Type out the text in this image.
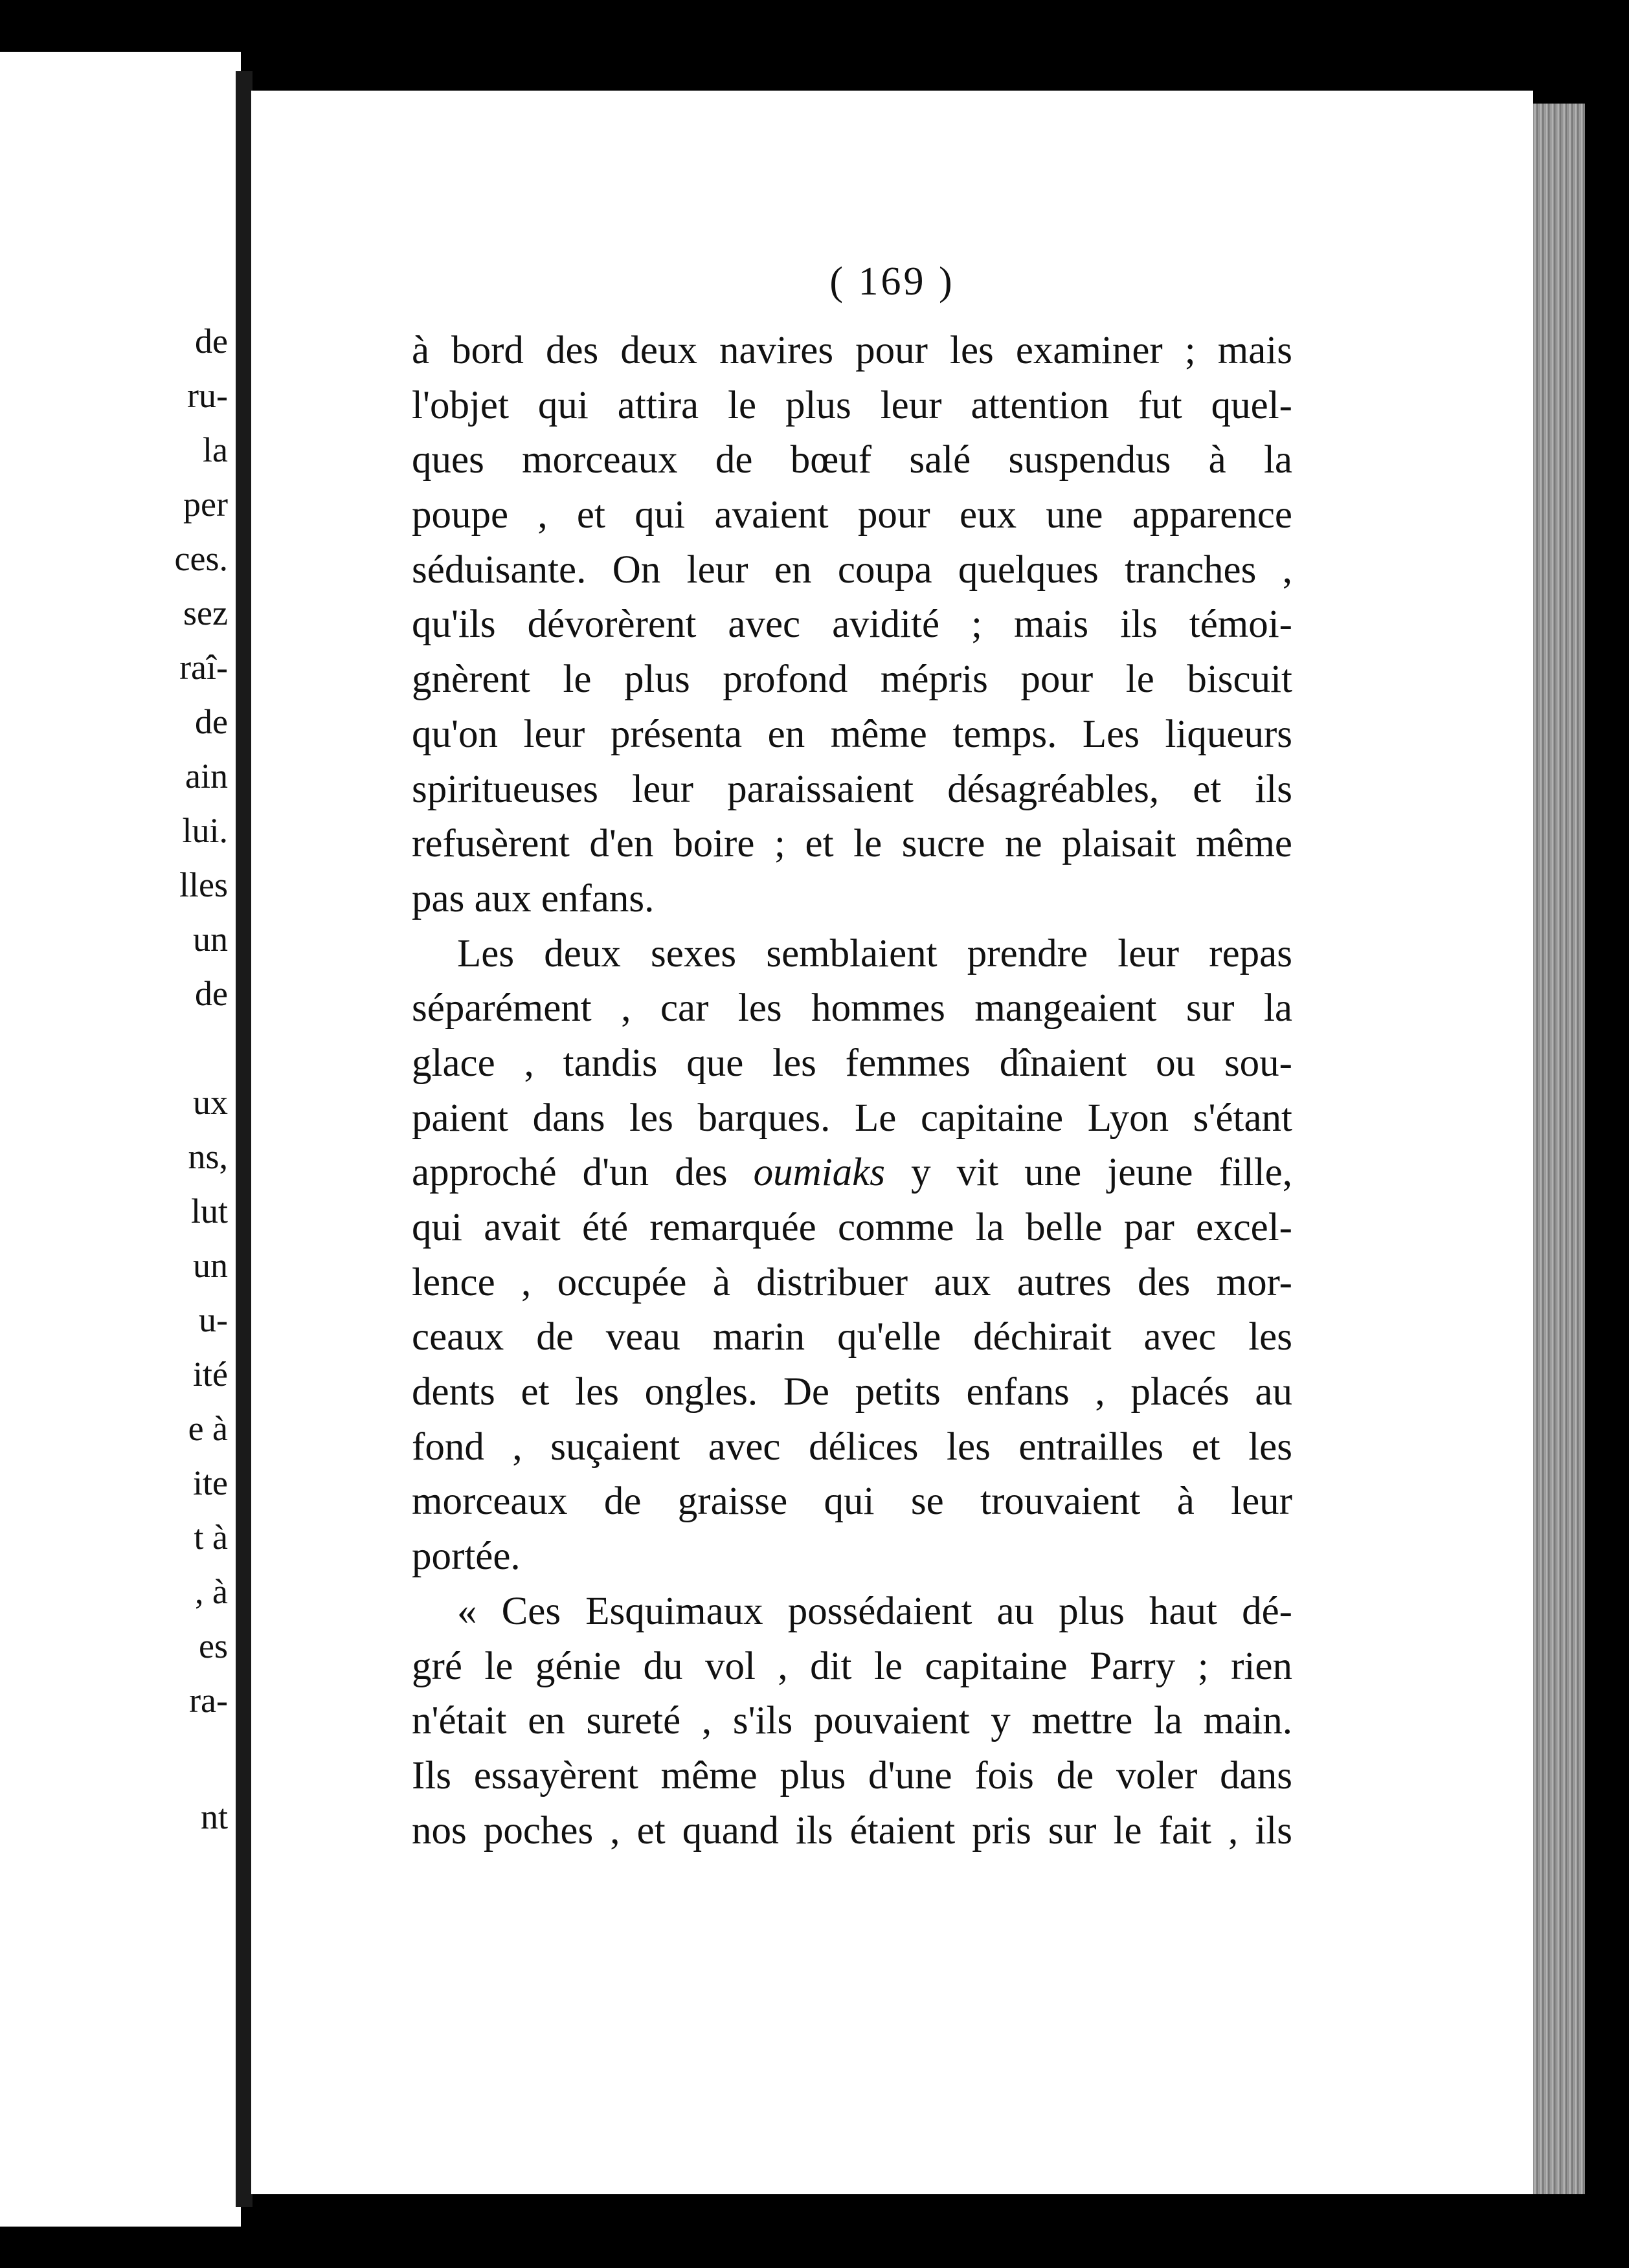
de
ru-
la
per
ces.
sez
raî-
de
ain
lui.
lles
un
de
ux
ns,
lut
un
u-
ité
e à
ite
t à
, à
es
ra-
nt
( 169 )
à bord des deux navires pour les examiner ; mais
l'objet qui attira le plus leur attention fut quel-
ques morceaux de bœuf salé suspendus à la
poupe , et qui avaient pour eux une apparence
séduisante. On leur en coupa quelques tranches ,
qu'ils dévorèrent avec avidité ; mais ils témoi-
gnèrent le plus profond mépris pour le biscuit
qu'on leur présenta en même temps. Les liqueurs
spiritueuses leur paraissaient désagréables, et ils
refusèrent d'en boire ; et le sucre ne plaisait même
pas aux enfans.
Les deux sexes semblaient prendre leur repas
séparément , car les hommes mangeaient sur la
glace , tandis que les femmes dînaient ou sou-
paient dans les barques. Le capitaine Lyon s'étant
approché d'un des oumiaks y vit une jeune fille,
qui avait été remarquée comme la belle par excel-
lence , occupée à distribuer aux autres des mor-
ceaux de veau marin qu'elle déchirait avec les
dents et les ongles. De petits enfans , placés au
fond , suçaient avec délices les entrailles et les
morceaux de graisse qui se trouvaient à leur
portée.
« Ces Esquimaux possédaient au plus haut dé-
gré le génie du vol , dit le capitaine Parry ; rien
n'était en sureté , s'ils pouvaient y mettre la main.
Ils essayèrent même plus d'une fois de voler dans
nos poches , et quand ils étaient pris sur le fait , ils
